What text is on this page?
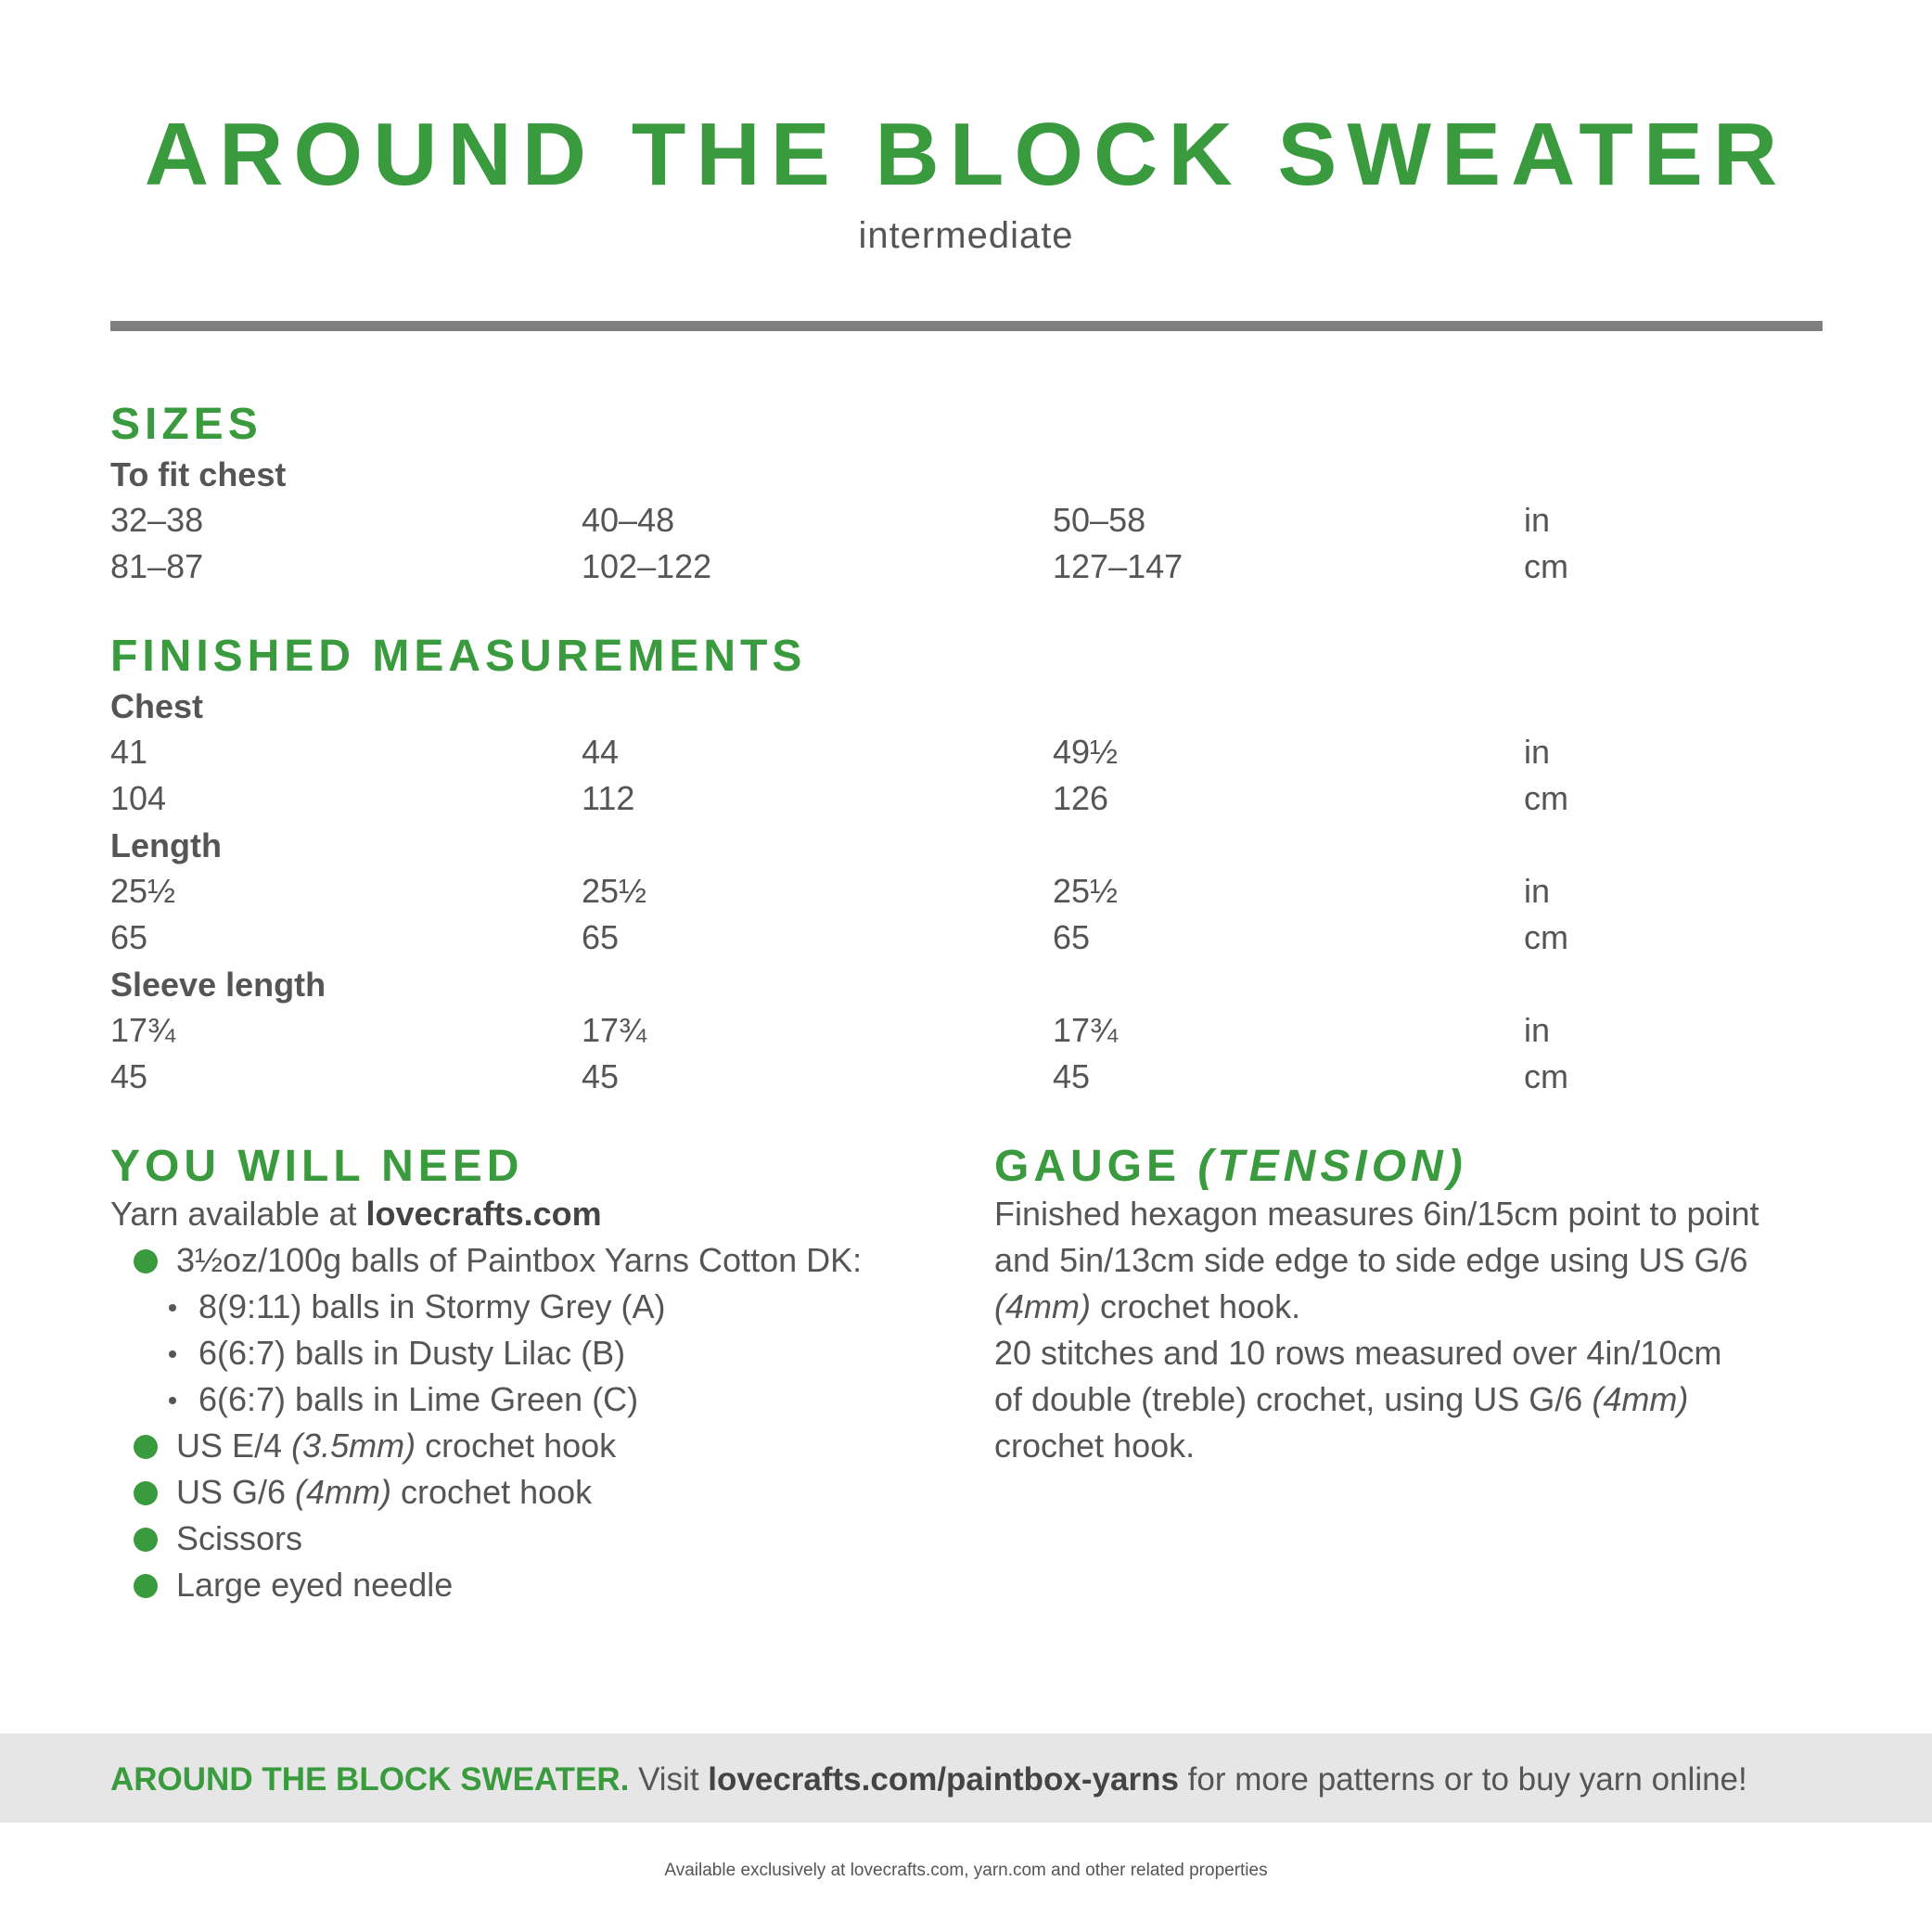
AROUND THE BLOCK SWEATER
intermediate
SIZES
To fit chest
32–38	40–48	50–58	in
81–87	102–122	127–147	cm
FINISHED MEASUREMENTS
Chest
41	44	49½	in
104	112	126	cm
Length
25½	25½	25½	in
65	65	65	cm
Sleeve length
17¾	17¾	17¾	in
45	45	45	cm
YOU WILL NEED
Yarn available at lovecrafts.com
3½oz/100g balls of Paintbox Yarns Cotton DK:
8(9:11) balls in Stormy Grey (A)
6(6:7) balls in Dusty Lilac (B)
6(6:7) balls in Lime Green (C)
US E/4 (3.5mm) crochet hook
US G/6 (4mm) crochet hook
Scissors
Large eyed needle
GAUGE (TENSION)
Finished hexagon measures 6in/15cm point to point
and 5in/13cm side edge to side edge using US G/6
(4mm) crochet hook.
20 stitches and 10 rows measured over 4in/10cm
of double (treble) crochet, using US G/6 (4mm)
crochet hook.
AROUND THE BLOCK SWEATER. Visit lovecrafts.com/paintbox-yarns for more patterns or to buy yarn online!
Available exclusively at lovecrafts.com, yarn.com and other related properties
